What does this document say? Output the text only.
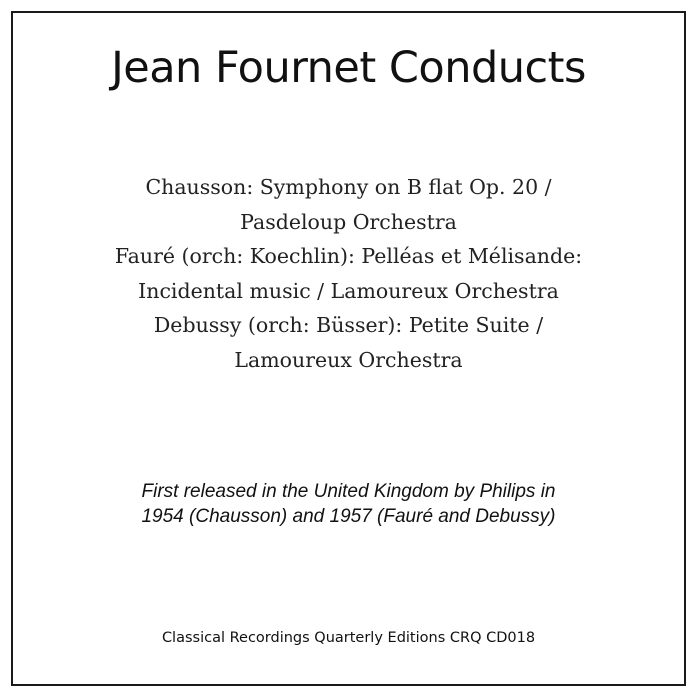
Jean Fournet Conducts
Chausson: Symphony on B flat Op. 20 /
Pasdeloup Orchestra
Fauré (orch: Koechlin): Pelléas et Mélisande:
Incidental music / Lamoureux Orchestra
Debussy (orch: Büsser): Petite Suite /
Lamoureux Orchestra
First released in the United Kingdom by Philips in
1954 (Chausson) and 1957 (Fauré and Debussy)
Classical Recordings Quarterly Editions CRQ CD018
